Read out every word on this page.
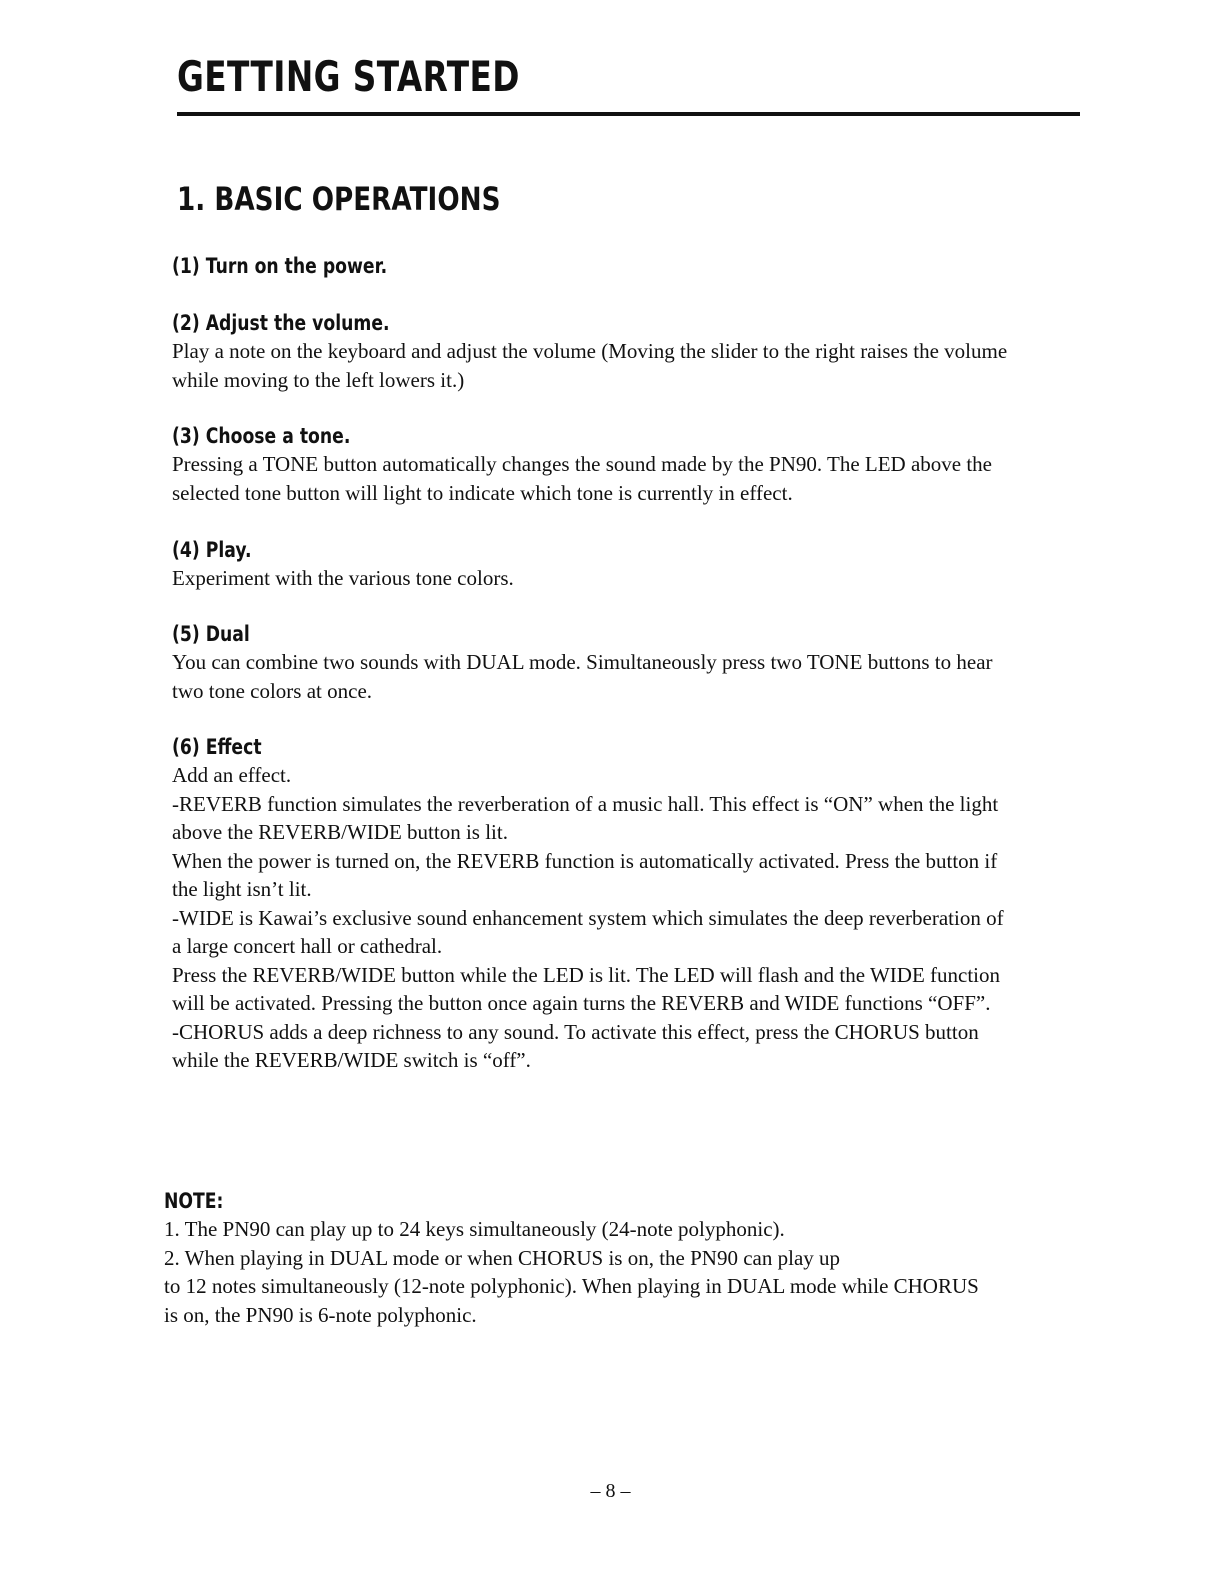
GETTING STARTED
1. BASIC OPERATIONS

(1) Turn on the power.

(2) Adjust the volume.

Play a note on the keyboard and adjust the volume (Moving the slider to the right raises the volume

while moving to the left lowers it.)

(3) Choose a tone.

Pressing a TONE button automatically changes the sound made by the PN90. The LED above the

selected tone button will light to indicate which tone is currently in effect.

(4) Play.

Experiment with the various tone colors.

(5) Dual

You can combine two sounds with DUAL mode. Simultaneously press two TONE buttons to hear

two tone colors at once.

(6) Effect

Add an effect.

-REVERB function simulates the reverberation of a music hall. This effect is “ON” when the light

above the REVERB/WIDE button is lit.

When the power is turned on, the REVERB function is automatically activated. Press the button if

the light isn’t lit.

-WIDE is Kawai’s exclusive sound enhancement system which simulates the deep reverberation of

a large concert hall or cathedral.

Press the REVERB/WIDE button while the LED is lit. The LED will flash and the WIDE function

will be activated. Pressing the button once again turns the REVERB and WIDE functions “OFF”.

-CHORUS adds a deep richness to any sound. To activate this effect, press the CHORUS button

while the REVERB/WIDE switch is “off”.

NOTE:

1. The PN90 can play up to 24 keys simultaneously (24-note polyphonic).

2. When playing in DUAL mode or when CHORUS is on, the PN90 can play up

to 12 notes simultaneously (12-note polyphonic). When playing in DUAL mode while CHORUS

is on, the PN90 is 6-note polyphonic.

– 8 –
